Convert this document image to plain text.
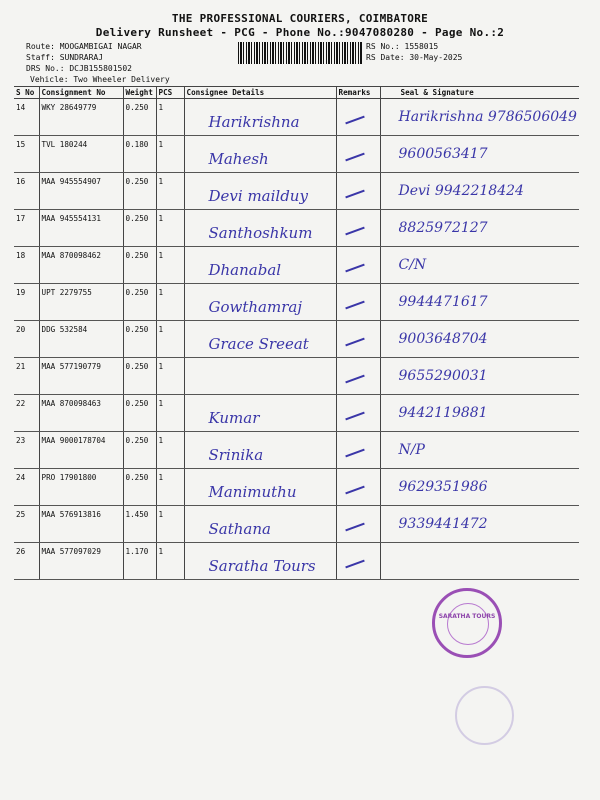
THE PROFESSIONAL COURIERS, COIMBATORE
Delivery Runsheet - PCG - Phone No.:9047080280 - Page No.:2
Route: MOOGAMBIGAI NAGAR
Staff: SUNDRARAJ
DRS No.: DCJB155801502
Vehicle: Two Wheeler Delivery
RS No.: 1558015
RS Date: 30-May-2025
S No	Consignment No	Weight	PCS	Consignee Details	Remarks	Seal & Signature
14	WKY 28649779	0.250	1	Harikrishna		Harikrishna 9786506049
15	TVL 180244	0.180	1	Mahesh		9600563417
16	MAA 945554907	0.250	1	Devi mailduy		Devi 9942218424
17	MAA 945554131	0.250	1	Santhoshkum		8825972127
18	MAA 870098462	0.250	1	Dhanabal		C/N
19	UPT 2279755	0.250	1	Gowthamraj		9944471617
20	DDG 532584	0.250	1	Grace Sreeat		9003648704
21	MAA 577190779	0.250	1			9655290031
22	MAA 870098463	0.250	1	Kumar		9442119881
23	MAA 9000178704	0.250	1	Srinika		N/P
24	PRO 17901800	0.250	1	Manimuthu		9629351986
25	MAA 576913816	1.450	1	Sathana		9339441472
26	MAA 577097029	1.170	1	Saratha Tours	

SARATHA TOURS
